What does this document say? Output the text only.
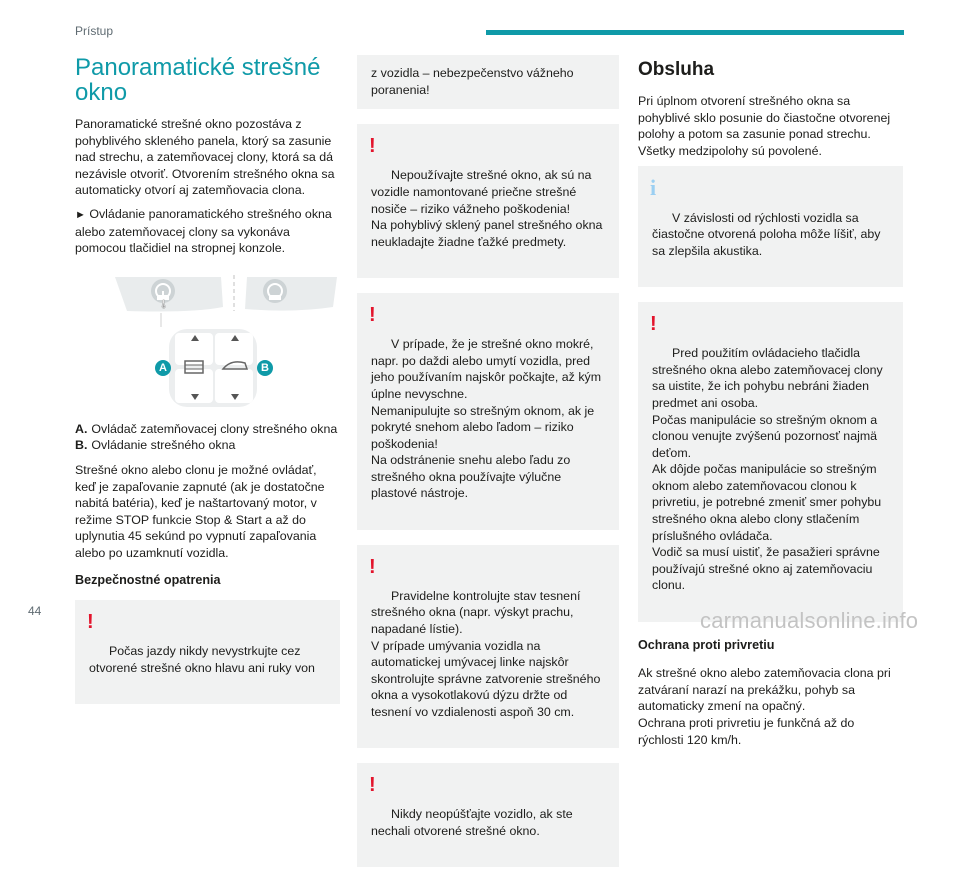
Prístup
Panoramatické strešné okno

Panoramatické strešné okno pozostáva z pohyblivého skleného panela, ktorý sa zasunie nad strechu, a zatemňovacej clony, ktorá sa dá nezávisle otvoriť. Otvorením strešného okna sa automaticky otvorí aj zatemňovacia clona.

► Ovládanie panoramatického strešného okna alebo zatemňovacej clony sa vykonáva pomocou tlačidiel na stropnej konzole.

🌡
A	B
A. Ovládač zatemňovacej clony strešného okna
B. Ovládanie strešného okna

Strešné okno alebo clonu je možné ovládať, keď je zapaľovanie zapnuté (ak je dostatočne nabitá batéria), keď je naštartovaný motor, v režime STOP funkcie Stop & Start a až do uplynutia 45 sekúnd po vypnutí zapaľovania alebo po uzamknutí vozidla.

Bezpečnostné opatrenia

!

Počas jazdy nikdy nevystrkujte cez otvorené strešné okno hlavu ani ruky von

z vozidla – nebezpečenstvo vážneho poranenia!

!

Nepoužívajte strešné okno, ak sú na vozidle namontované priečne strešné nosiče – riziko vážneho poškodenia!
Na pohyblivý sklený panel strešného okna neukladajte žiadne ťažké predmety.

!

V prípade, že je strešné okno mokré, napr. po daždi alebo umytí vozidla, pred jeho používaním najskôr počkajte, až kým úplne nevyschne.
Nemanipulujte so strešným oknom, ak je pokryté snehom alebo ľadom – riziko poškodenia!
Na odstránenie snehu alebo ľadu zo strešného okna používajte výlučne plastové nástroje.

!

Pravidelne kontrolujte stav tesnení strešného okna (napr. výskyt prachu, napadané lístie).
V prípade umývania vozidla na automatickej umývacej linke najskôr skontrolujte správne zatvorenie strešného okna a vysokotlakovú dýzu držte od tesnení vo vzdialenosti aspoň 30 cm.

!

Nikdy neopúšťajte vozidlo, ak ste nechali otvorené strešné okno.

Obsluha

Pri úplnom otvorení strešného okna sa pohyblivé sklo posunie do čiastočne otvorenej polohy a potom sa zasunie ponad strechu. Všetky medzipolohy sú povolené.

i

V závislosti od rýchlosti vozidla sa čiastočne otvorená poloha môže líšiť, aby sa zlepšila akustika.

!

Pred použitím ovládacieho tlačidla strešného okna alebo zatemňovacej clony sa uistite, že ich pohybu nebráni žiaden predmet ani osoba.
Počas manipulácie so strešným oknom a clonou venujte zvýšenú pozornosť najmä deťom.
Ak dôjde počas manipulácie so strešným oknom alebo zatemňovacou clonou k privretiu, je potrebné zmeniť smer pohybu strešného okna alebo clony stlačením príslušného ovládača.
Vodič sa musí uistiť, že pasažieri správne používajú strešné okno aj zatemňovaciu clonu.

Ochrana proti privretiu

Ak strešné okno alebo zatemňovacia clona pri zatváraní narazí na prekážku, pohyb sa automaticky zmení na opačný.
Ochrana proti privretiu je funkčná až do rýchlosti 120 km/h.

44	carmanualsonline.info
